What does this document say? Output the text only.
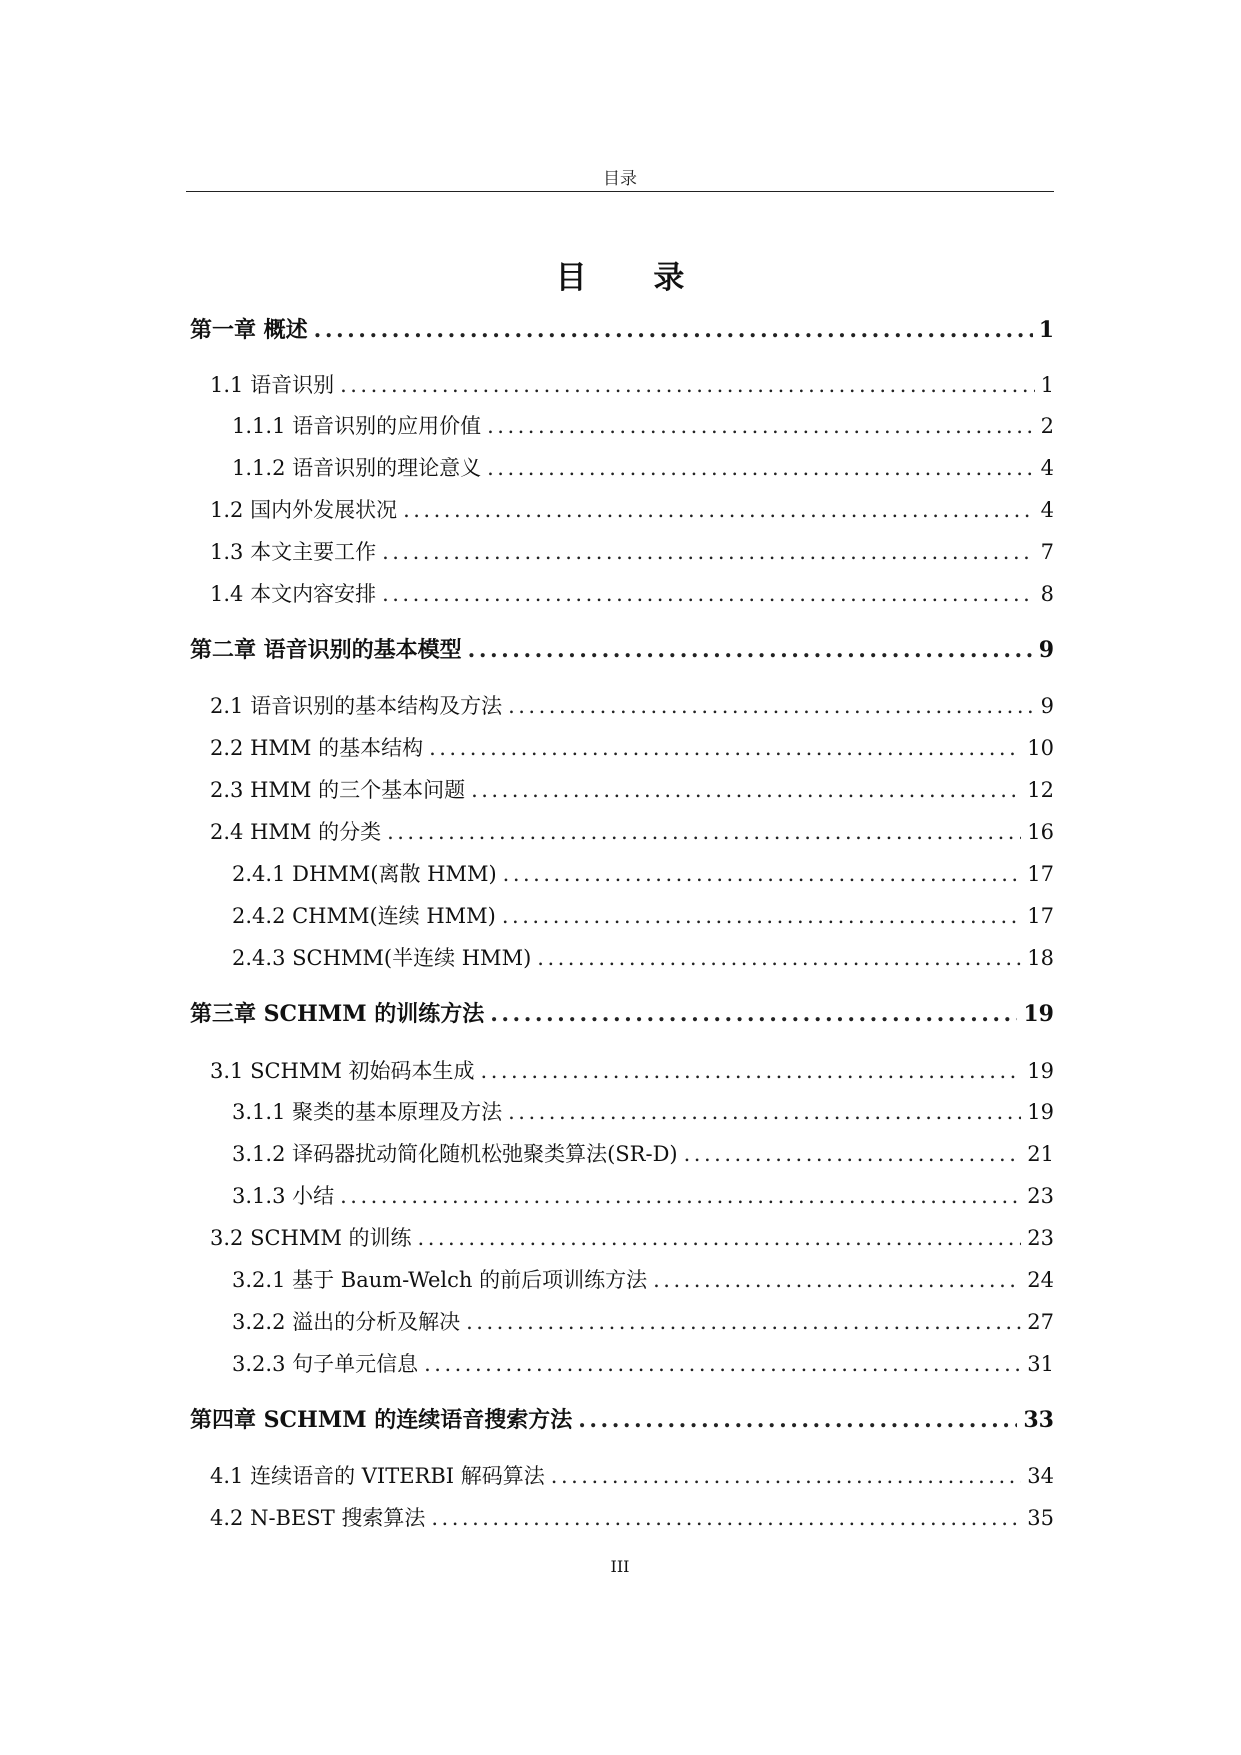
目录
目 录
第一章 概述 .....	1
1.1 语音识别 .....	1
1.1.1 语音识别的应用价值 .....	2
1.1.2 语音识别的理论意义 .....	4
1.2 国内外发展状况 .....	4
1.3 本文主要工作 .....	7
1.4 本文内容安排 .....	8
第二章 语音识别的基本模型 .....	9
2.1 语音识别的基本结构及方法 .....	9
2.2 HMM 的基本结构 .....	10
2.3 HMM 的三个基本问题 .....	12
2.4 HMM 的分类 .....	16
2.4.1 DHMM(离散 HMM) .....	17
2.4.2 CHMM(连续 HMM) .....	17
2.4.3 SCHMM(半连续 HMM) .....	18
第三章 SCHMM 的训练方法 .....	19
3.1 SCHMM 初始码本生成 .....	19
3.1.1 聚类的基本原理及方法 .....	19
3.1.2 译码器扰动简化随机松弛聚类算法(SR-D) .....	21
3.1.3 小结 .....	23
3.2 SCHMM 的训练 .....	23
3.2.1 基于 Baum-Welch 的前后项训练方法 .....	24
3.2.2 溢出的分析及解决 .....	27
3.2.3 句子单元信息 .....	31
第四章 SCHMM 的连续语音搜索方法 .....	33
4.1 连续语音的 VITERBI 解码算法 .....	34
4.2 N-BEST 搜索算法 .....	35
III
